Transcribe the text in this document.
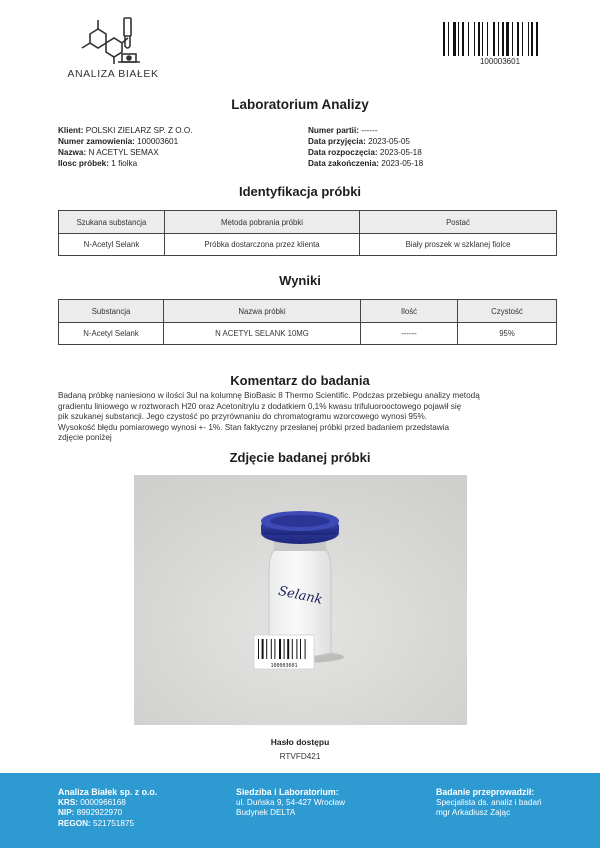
ANALIZA BIAŁEK
100003601
Laboratorium Analizy
Klient: POLSKI ZIELARZ SP. Z O.O.
Numer zamowienia: 100003601
Nazwa: N ACETYL SEMAX
Ilosc próbek: 1 fiolka
Numer partii: ------
Data przyjęcia: 2023-05-05
Data rozpoczęcia: 2023-05-18
Data zakończenia: 2023-05-18
Identyfikacja próbki
Szukana substancja	Metoda pobrania próbki	Postać
N-Acetyl Selank	Próbka dostarczona przez klienta	Biały proszek w szklanej fiolce
Wyniki
Substancja	Nazwa próbki	Ilość	Czystość
N-Acetyl Selank	N ACETYL SELANK 10MG	------	95%
Komentarz do badania
Badaną próbkę naniesiono w ilości 3ul na kolumnę BioBasic 8 Thermo Scientific. Podczas przebiegu analizy metodą
gradientu liniowego w roztworach H20 oraz Acetonitrylu z dodatkiem 0,1% kwasu trifuluorooctowego pojawił się
pik szukanej substancji. Jego czystość po przyrównaniu do chromatogramu wzorcowego wynosi 95%.
Wysokość błędu pomiarowego wynosi +- 1%. Stan faktyczny przesłanej próbki przed badaniem przedstawia
zdjęcie poniżej
Zdjęcie badanej próbki
Selank
100003601
Hasło dostępu
RTVFD421
Analiza Białek sp. z o.o.
KRS: 0000966168
NIP: 8992922970
REGON: 521751875
Siedziba i Laboratorium:
ul. Duńska 9, 54-427 Wrocław
Budynek DELTA
Badanie przeprowadził:
Specjalista ds. analiz i badań
mgr Arkadiusz Zając
